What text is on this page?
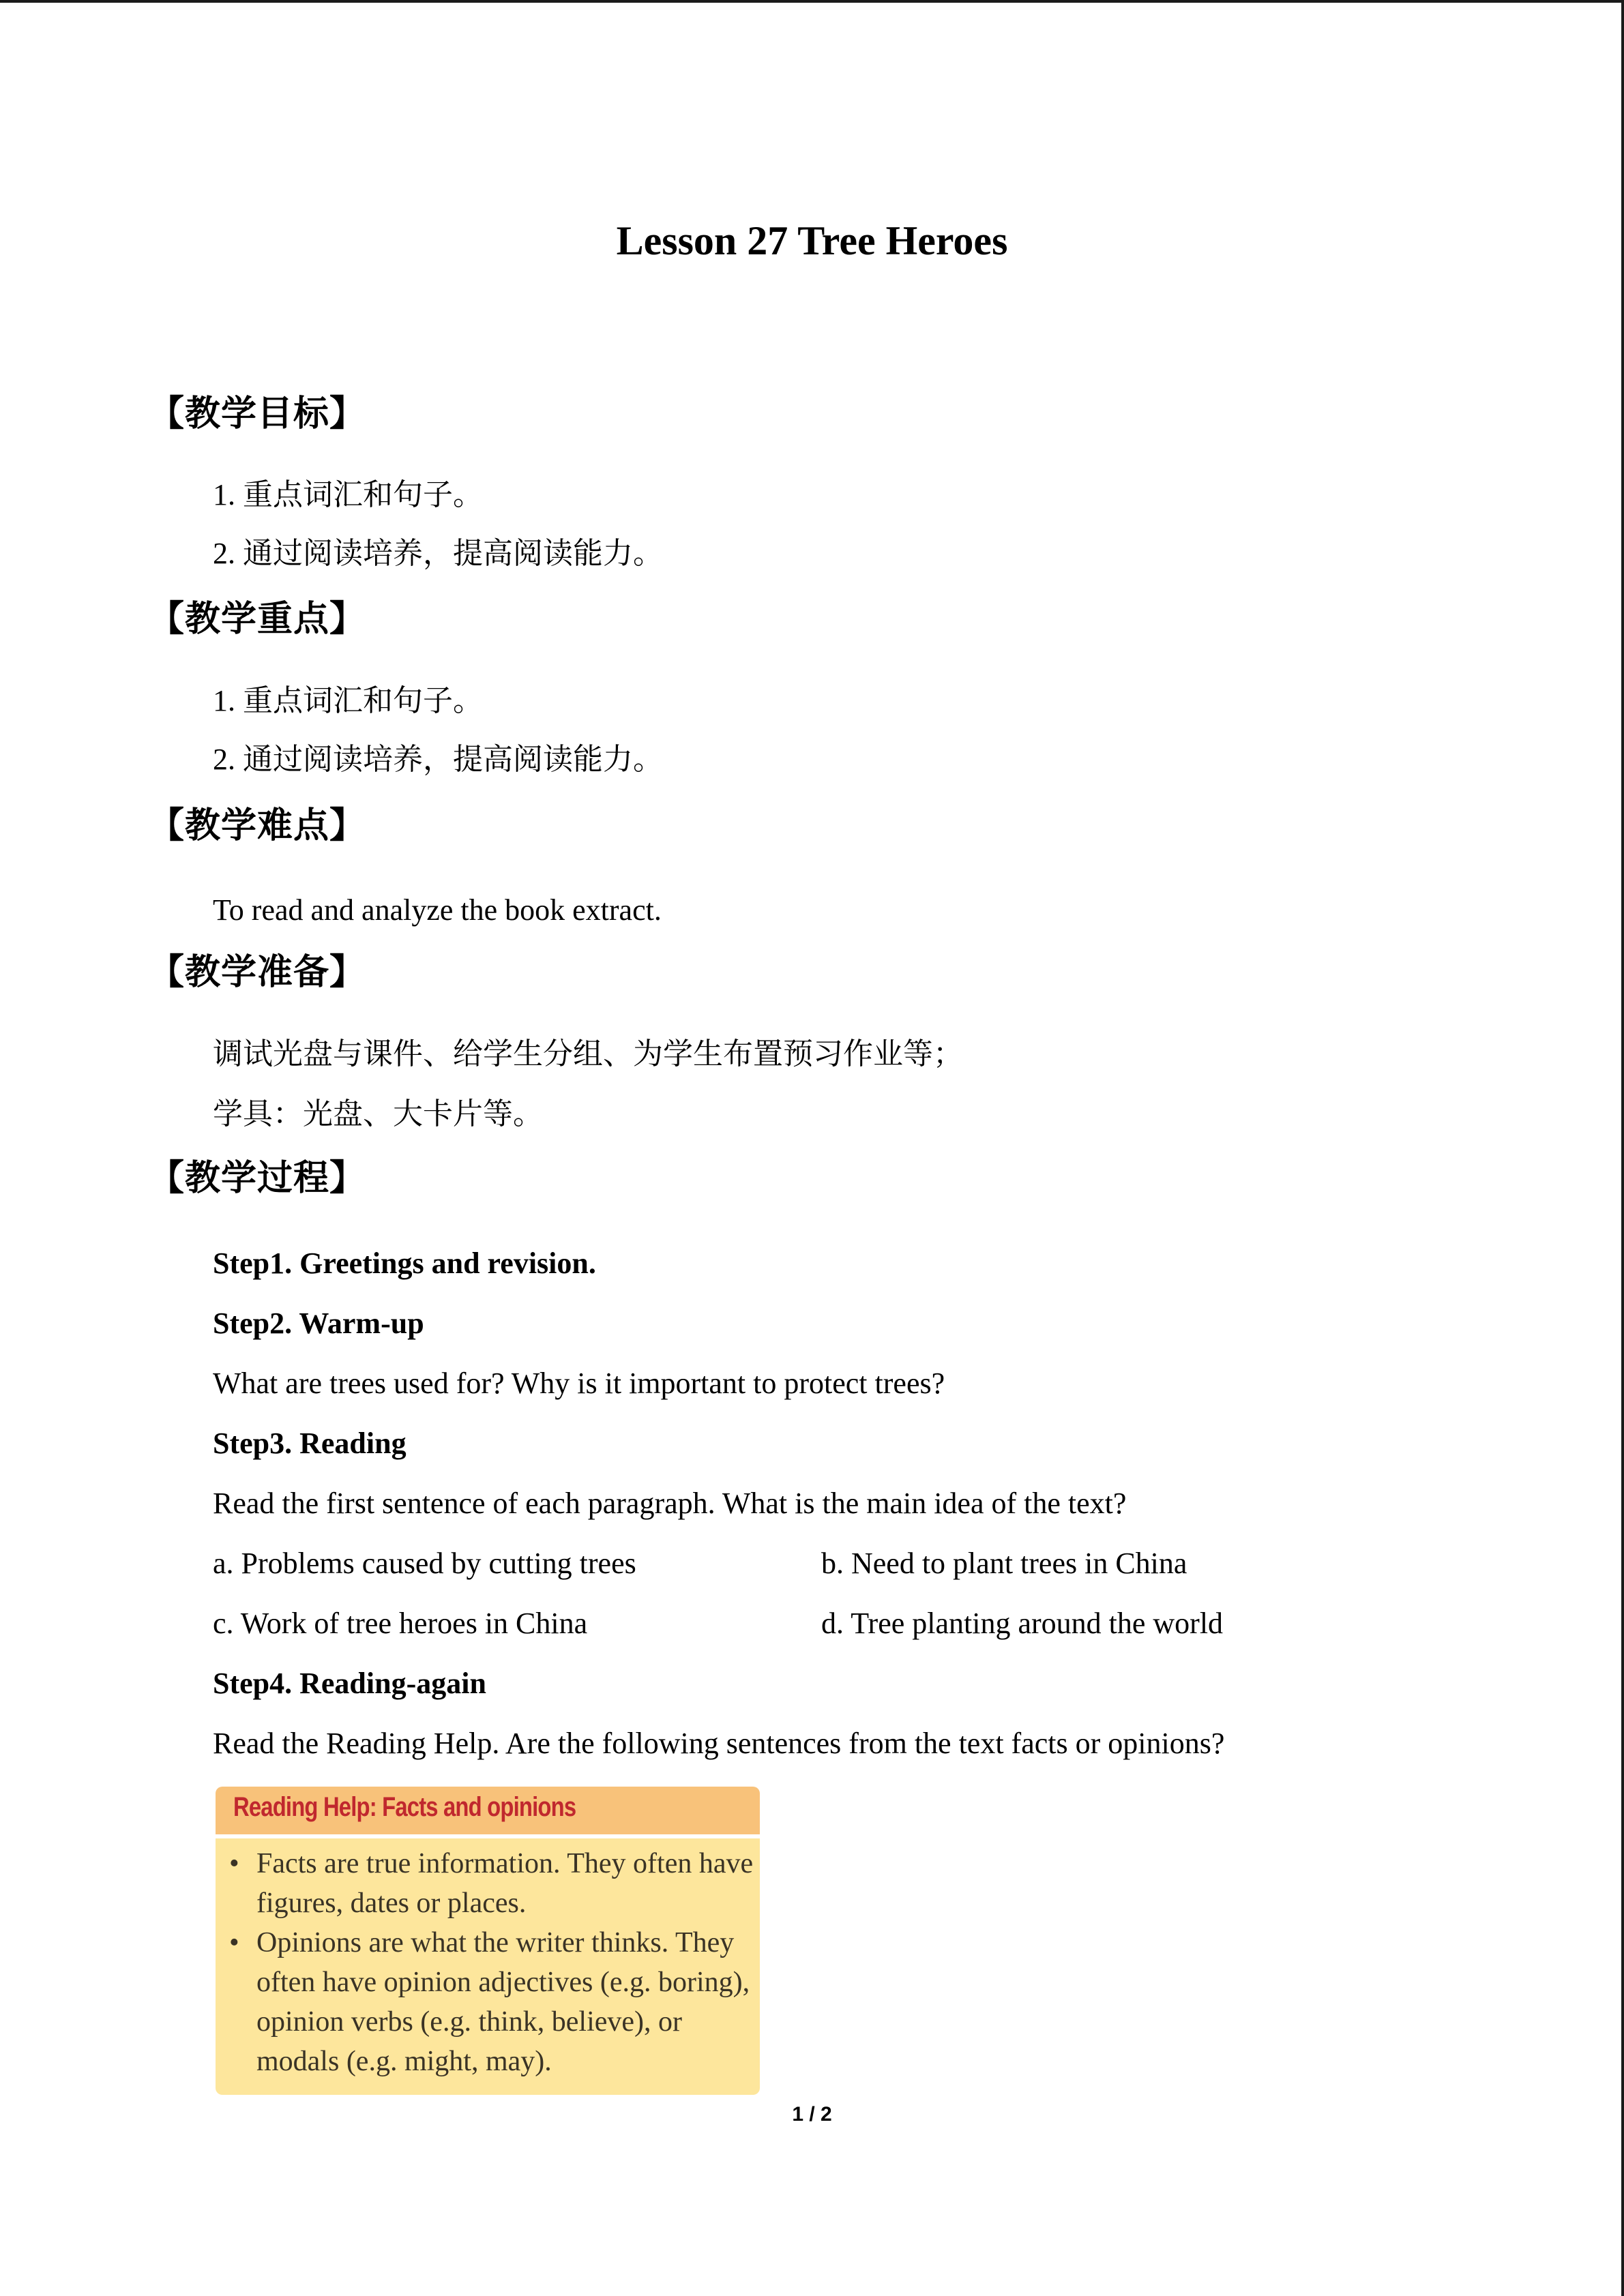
Lesson 27 Tree Heroes
【教学目标】
1. 重点词汇和句子。
2. 通过阅读培养，提高阅读能力。
【教学重点】
1. 重点词汇和句子。
2. 通过阅读培养，提高阅读能力。
【教学难点】
To read and analyze the book extract.
【教学准备】
调试光盘与课件、给学生分组、为学生布置预习作业等；
学具：光盘、大卡片等。
【教学过程】
Step1. Greetings and revision.
Step2. Warm-up
What are trees used for? Why is it important to protect trees?
Step3. Reading
Read the first sentence of each paragraph. What is the main idea of the text?
a. Problems caused by cutting trees	b. Need to plant trees in China
c. Work of tree heroes in China	d. Tree planting around the world
Step4. Reading-again
Read the Reading Help. Are the following sentences from the text facts or opinions?
Reading Help: Facts and opinions
• Facts are true information. They often have figures, dates or places.
• Opinions are what the writer thinks. They often have opinion adjectives (e.g. boring), opinion verbs (e.g. think, believe), or modals (e.g. might, may).
1 / 2
